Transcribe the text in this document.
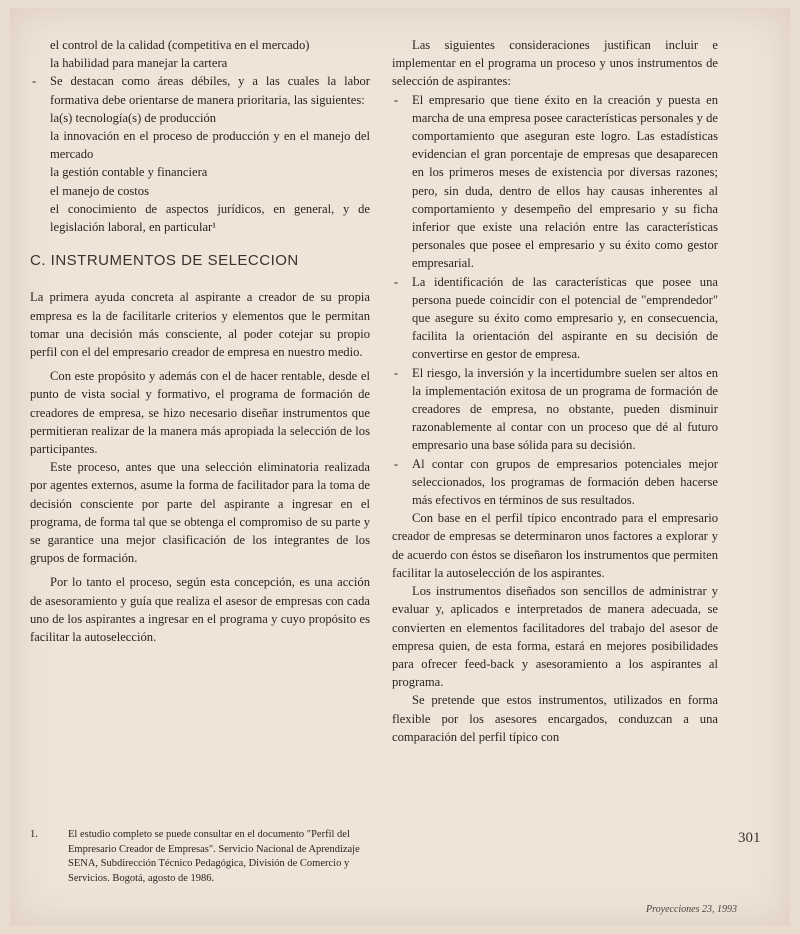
el control de la calidad (competitiva en el mercado)
la habilidad para manejar la cartera
- Se destacan como áreas débiles, y a las cuales la labor formativa debe orientarse de manera prioritaria, las siguientes:
la(s) tecnología(s) de producción
la innovación en el proceso de producción y en el manejo del mercado
la gestión contable y financiera
el manejo de costos
el conocimiento de aspectos jurídicos, en general, y de legislación laboral, en particular¹
C. INSTRUMENTOS DE SELECCION

La primera ayuda concreta al aspirante a creador de su propia empresa es la de facilitarle criterios y elementos que le permitan tomar una decisión más consciente, al poder cotejar su propio perfil con el del empresario creador de empresa en nuestro medio.

Con este propósito y además con el de hacer rentable, desde el punto de vista social y formativo, el programa de formación de creadores de empresa, se hizo necesario diseñar instrumentos que permitieran realizar de la manera más apropiada la selección de los participantes.

Este proceso, antes que una selección eliminatoria realizada por agentes externos, asume la forma de facilitador para la toma de decisión consciente por parte del aspirante a ingresar en el programa, de forma tal que se obtenga el compromiso de su parte y se garantice una mejor clasificación de los integrantes de los grupos de formación.

Por lo tanto el proceso, según esta concepción, es una acción de asesoramiento y guía que realiza el asesor de empresas con cada uno de los aspirantes a ingresar en el programa y cuyo propósito es facilitar la autoselección.

1.	El estudio completo se puede consultar en el documento "Perfil del Empresario Creador de Empresas". Servicio Nacional de Aprendizaje SENA, Subdirección Técnico Pedagógica, División de Comercio y Servicios. Bogotá, agosto de 1986.

Las siguientes consideraciones justifican incluir e implementar en el programa un proceso y unos instrumentos de selección de aspirantes:

- El empresario que tiene éxito en la creación y puesta en marcha de una empresa posee características personales y de comportamiento que aseguran este logro. Las estadísticas evidencian el gran porcentaje de empresas que desaparecen en los primeros meses de existencia por diversas razones; pero, sin duda, dentro de ellos hay causas inherentes al comportamiento y desempeño del empresario y su ficha inferior que existe una relación entre las características personales que posee el empresario y su éxito como gestor empresarial.
- La identificación de las características que posee una persona puede coincidir con el potencial de "emprendedor" que asegure su éxito como empresario y, en consecuencia, facilita la orientación del aspirante en su decisión de convertirse en gestor de empresa.
- El riesgo, la inversión y la incertidumbre suelen ser altos en la implementación exitosa de un programa de formación de creadores de empresa, no obstante, pueden disminuir razonablemente al contar con un proceso que dé al futuro empresario una base sólida para su decisión.
- Al contar con grupos de empresarios potenciales mejor seleccionados, los programas de formación deben hacerse más efectivos en términos de sus resultados.

Con base en el perfil típico encontrado para el empresario creador de empresas se determinaron unos factores a explorar y de acuerdo con éstos se diseñaron los instrumentos que permiten facilitar la autoselección de los aspirantes.

Los instrumentos diseñados son sencillos de administrar y evaluar y, aplicados e interpretados de manera adecuada, se convierten en elementos facilitadores del trabajo del asesor de empresa quien, de esta forma, estará en mejores posibilidades para ofrecer feed-back y asesoramiento a los aspirantes al programa.

Se pretende que estos instrumentos, utilizados en forma flexible por los asesores encargados, conduzcan a una comparación del perfil típico con

301
Proyecciones 23, 1993
